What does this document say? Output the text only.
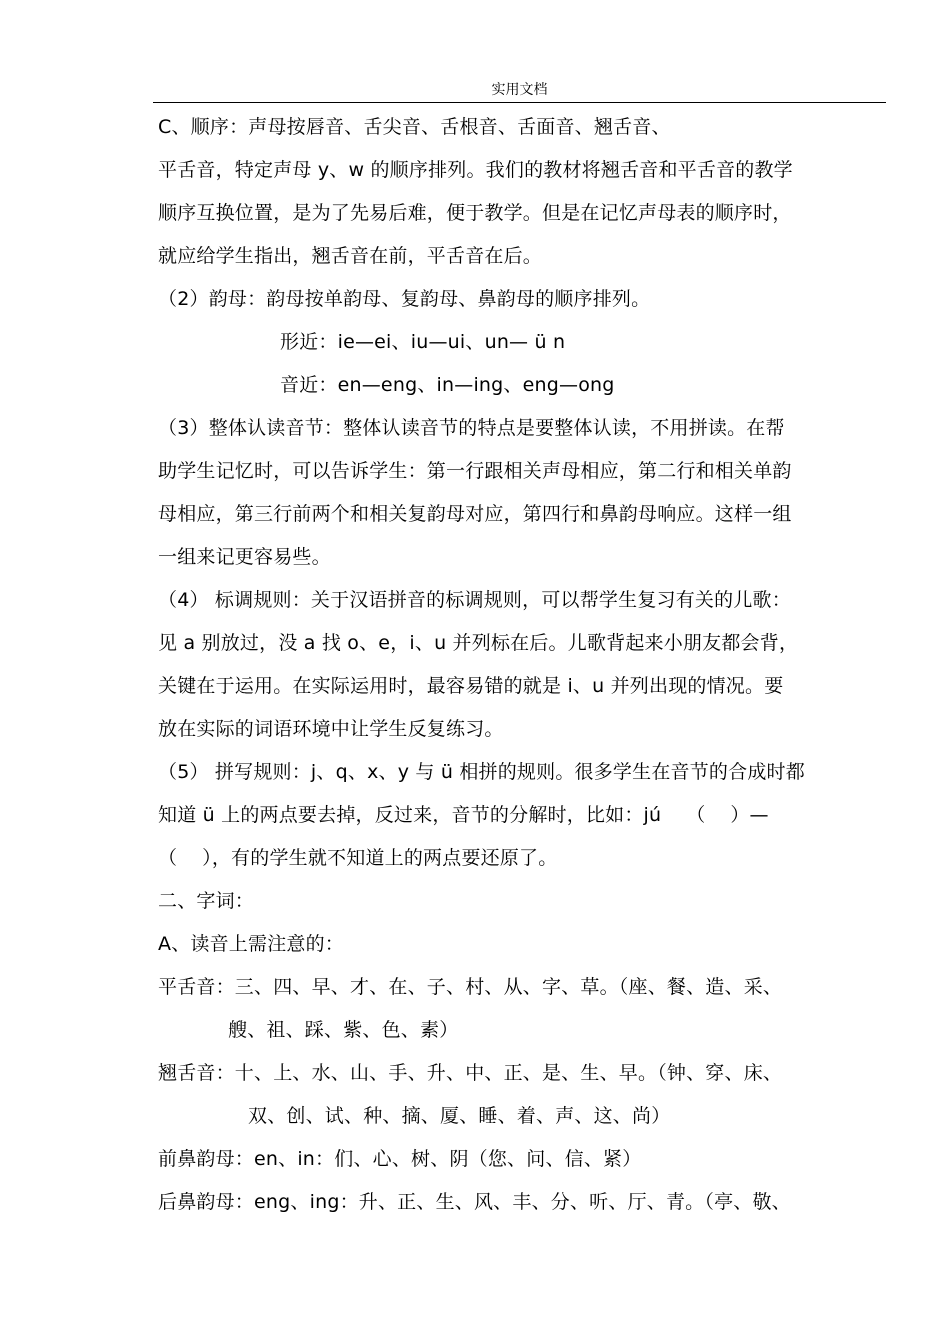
实用文档
C、顺序：声母按唇音、舌尖音、舌根音、舌面音、翘舌音、
平舌音，特定声母 y、w 的顺序排列。我们的教材将翘舌音和平舌音的教学
顺序互换位置，是为了先易后难，便于教学。但是在记忆声母表的顺序时，
就应给学生指出，翘舌音在前，平舌音在后。
（2）韵母：韵母按单韵母、复韵母、鼻韵母的顺序排列。
形近：ie—ei、iu—ui、un— ü n
音近：en—eng、in—ing、eng—ong
（3）整体认读音节：整体认读音节的特点是要整体认读，不用拼读。在帮
助学生记忆时，可以告诉学生：第一行跟相关声母相应，第二行和相关单韵
母相应，第三行前两个和相关复韵母对应，第四行和鼻韵母响应。这样一组
一组来记更容易些。
（4） 标调规则：关于汉语拼音的标调规则，可以帮学生复习有关的儿歌：
见 a 别放过，没 a 找 o、e，i、u 并列标在后。儿歌背起来小朋友都会背，
关键在于运用。在实际运用时，最容易错的就是 i、u 并列出现的情况。要
放在实际的词语环境中让学生反复练习。
（5） 拼写规则：j、q、x、y 与 ü 相拼的规则。很多学生在音节的合成时都
知道 ü 上的两点要去掉，反过来，音节的分解时，比如：jú    （    ）—
（    ），有的学生就不知道上的两点要还原了。
二、字词：
A、读音上需注意的：
平舌音：三、四、早、才、在、子、村、从、字、草。（座、餐、造、采、
艘、祖、踩、紫、色、素）
翘舌音：十、上、水、山、手、升、中、正、是、生、早。（钟、穿、床、
双、创、试、种、摘、厦、睡、着、声、这、尚）
前鼻韵母：en、in：们、心、树、阴（您、问、信、紧）
后鼻韵母：eng、ing：升、正、生、风、丰、分、听、厅、青。（亭、敬、
